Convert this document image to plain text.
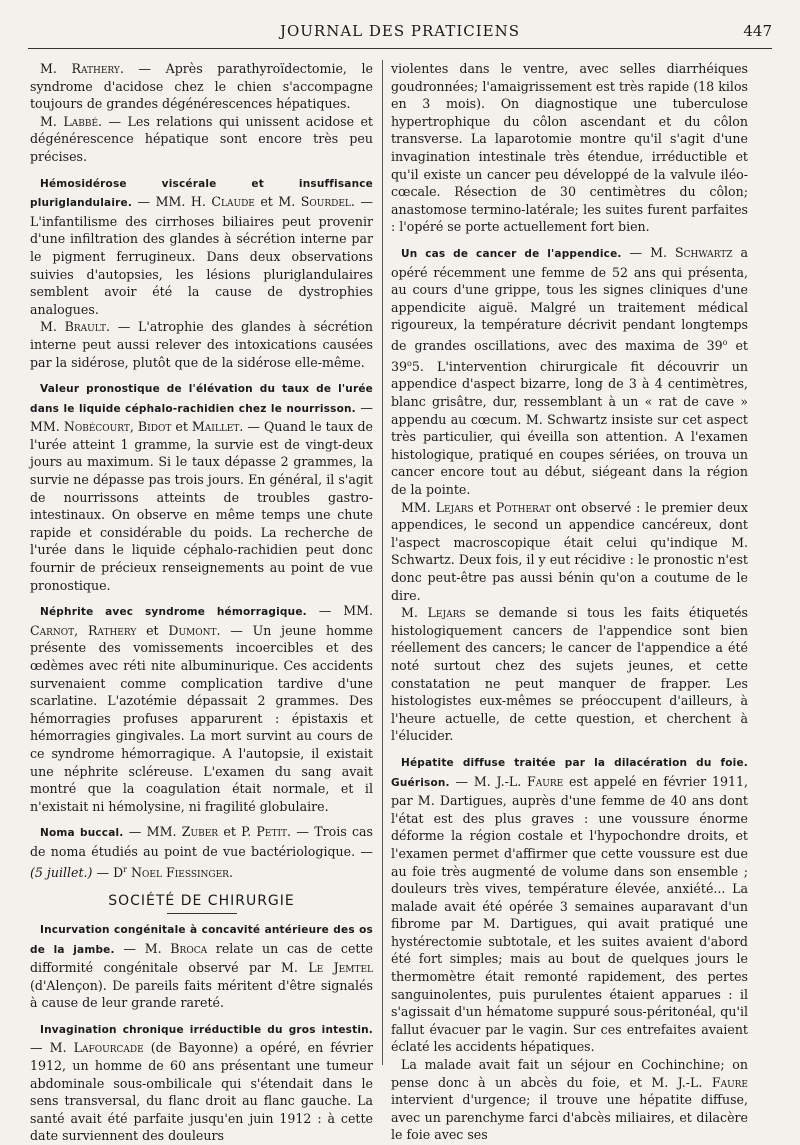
JOURNAL DES PRATICIENS	447

M. Rathery. — Après parathyroïdectomie, le syndrome d'acidose chez le chien s'accompagne toujours de grandes dégénérescences hépatiques.

M. Labbé. — Les relations qui unissent acidose et dégénérescence hépatique sont encore très peu précises.

Hémosidérose viscérale et insuffisance pluriglandulaire. — MM. H. Claude et M. Sourdel. — L'infantilisme des cirrhoses biliaires peut provenir d'une infiltration des glandes à sécrétion interne par le pigment ferrugineux. Dans deux observations suivies d'autopsies, les lésions pluriglandulaires semblent avoir été la cause de dystrophies analogues.

M. Brault. — L'atrophie des glandes à sécrétion interne peut aussi relever des intoxications causées par la sidérose, plutôt que de la sidérose elle-même.

Valeur pronostique de l'élévation du taux de l'urée dans le liquide céphalo-rachidien chez le nourrisson. — MM. Nobécourt, Bidot et Maillet. — Quand le taux de l'urée atteint 1 gramme, la survie est de vingt-deux jours au maximum. Si le taux dépasse 2 grammes, la survie ne dépasse pas trois jours. En général, il s'agit de nourrissons atteints de troubles gastro-intestinaux. On observe en même temps une chute rapide et considérable du poids. La recherche de l'urée dans le liquide céphalo-rachidien peut donc fournir de précieux renseignements au point de vue pronostique.

Néphrite avec syndrome hémorragique. — MM. Carnot, Rathery et Dumont. — Un jeune homme présente des vomissements incoercibles et des œdèmes avec réti nite albuminurique. Ces accidents survenaient comme complication tardive d'une scarlatine. L'azotémie dépassait 2 grammes. Des hémorragies profuses apparurent : épistaxis et hémorragies gingivales. La mort survint au cours de ce syndrome hémorragique. A l'autopsie, il existait une néphrite scléreuse. L'examen du sang avait montré que la coagulation était normale, et il n'existait ni hémolysine, ni fragilité globulaire.

Noma buccal. — MM. Zuber et P. Petit. — Trois cas de noma étudiés au point de vue bactériologique. — (5 juillet.) — $D^r$ Noel Fiessinger.

SOCIÉTÉ DE CHIRURGIE

Incurvation congénitale à concavité antérieure des os de la jambe. — M. Broca relate un cas de cette difformité congénitale observé par M. Le Jemtel (d'Alençon). De pareils faits méritent d'être signalés à cause de leur grande rareté.

Invagination chronique irréductible du gros intestin. — M. Lafourcade (de Bayonne) a opéré, en février 1912, un homme de 60 ans présentant une tumeur abdominale sous-ombilicale qui s'étendait dans le sens transversal, du flanc droit au flanc gauche. La santé avait été parfaite jusqu'en juin 1912 : à cette date surviennent des douleurs

violentes dans le ventre, avec selles diarrhéiques goudronnées; l'amaigrissement est très rapide (18 kilos en 3 mois). On diagnostique une tuberculose hypertrophique du côlon ascendant et du côlon transverse. La laparotomie montre qu'il s'agit d'une invagination intestinale très étendue, irréductible et qu'il existe un cancer peu développé de la valvule iléo-cœcale. Résection de 30 centimètres du côlon; anastomose termino-latérale; les suites furent parfaites : l'opéré se porte actuellement fort bien.

Un cas de cancer de l'appendice. — M. Schwartz a opéré récemment une femme de 52 ans qui présenta, au cours d'une grippe, tous les signes cliniques d'une appendicite aiguë. Malgré un traitement médical rigoureux, la température décrivit pendant longtemps de grandes oscillations, avec des maxima de 39$^o$ et 39$^o$5. L'intervention chirurgicale fit découvrir un appendice d'aspect bizarre, long de 3 à 4 centimètres, blanc grisâtre, dur, ressemblant à un « rat de cave » appendu au cœcum. M. Schwartz insiste sur cet aspect très particulier, qui éveilla son attention. A l'examen histologique, pratiqué en coupes sériées, on trouva un cancer encore tout au début, siégeant dans la région de la pointe.

MM. Lejars et Potherat ont observé : le premier deux appendices, le second un appendice cancéreux, dont l'aspect macroscopique était celui qu'indique M. Schwartz. Deux fois, il y eut récidive : le pronostic n'est donc peut-être pas aussi bénin qu'on a coutume de le dire.

M. Lejars se demande si tous les faits étiquetés histologiquement cancers de l'appendice sont bien réellement des cancers; le cancer de l'appendice a été noté surtout chez des sujets jeunes, et cette constatation ne peut manquer de frapper. Les histologistes eux-mêmes se préoccupent d'ailleurs, à l'heure actuelle, de cette question, et cherchent à l'élucider.

Hépatite diffuse traitée par la dilacération du foie. Guérison. — M. J.-L. Faure est appelé en février 1911, par M. Dartigues, auprès d'une femme de 40 ans dont l'état est des plus graves : une voussure énorme déforme la région costale et l'hypochondre droits, et l'examen permet d'affirmer que cette voussure est due au foie très augmenté de volume dans son ensemble ; douleurs très vives, température élevée, anxiété... La malade avait été opérée 3 semaines auparavant d'un fibrome par M. Dartigues, qui avait pratiqué une hystérectomie subtotale, et les suites avaient d'abord été fort simples; mais au bout de quelques jours le thermomètre était remonté rapidement, des pertes sanguinolentes, puis purulentes étaient apparues : il s'agissait d'un hématome suppuré sous-péritonéal, qu'il fallut évacuer par le vagin. Sur ces entrefaites avaient éclaté les accidents hépatiques.

La malade avait fait un séjour en Cochinchine; on pense donc à un abcès du foie, et M. J.-L. Faure intervient d'urgence; il trouve une hépatite diffuse, avec un parenchyme farci d'abcès miliaires, et dilacère le foie avec ses
